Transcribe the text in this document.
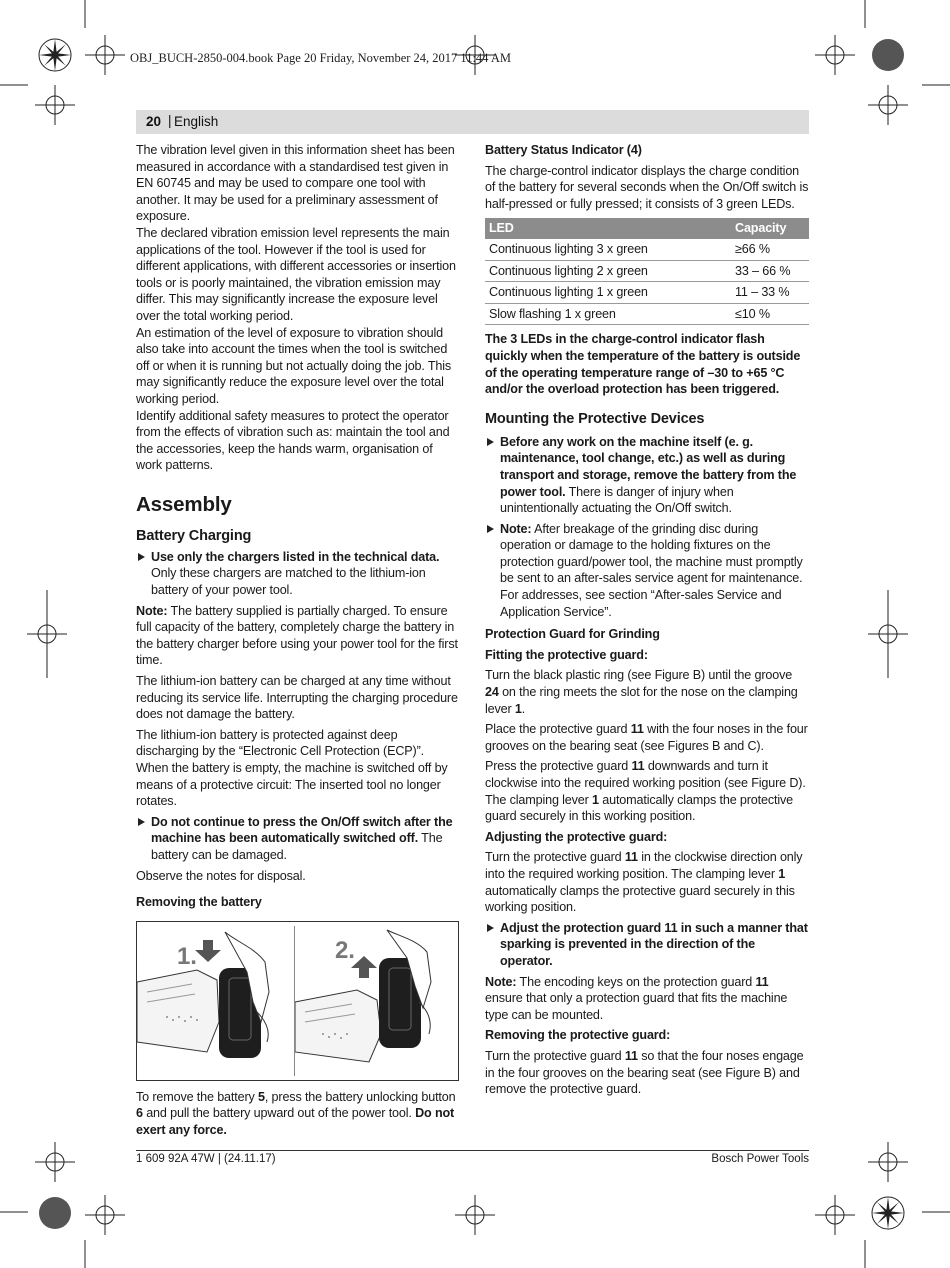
OBJ_BUCH-2850-004.book Page 20 Friday, November 24, 2017 11:44 AM
20 | English

The vibration level given in this information sheet has been measured in accordance with a standardised test given in EN 60745 and may be used to compare one tool with another. It may be used for a preliminary assessment of exposure.

The declared vibration emission level represents the main applications of the tool. However if the tool is used for different applications, with different accessories or insertion tools or is poorly maintained, the vibration emission may differ. This may significantly increase the exposure level over the total working period.

An estimation of the level of exposure to vibration should also take into account the times when the tool is switched off or when it is running but not actually doing the job. This may significantly reduce the exposure level over the total working period.

Identify additional safety measures to protect the operator from the effects of vibration such as: maintain the tool and the accessories, keep the hands warm, organisation of work patterns.

Assembly
Battery Charging
Use only the chargers listed in the technical data. Only these chargers are matched to the lithium-ion battery of your power tool.

Note: The battery supplied is partially charged. To ensure full capacity of the battery, completely charge the battery in the battery charger before using your power tool for the first time.

The lithium-ion battery can be charged at any time without reducing its service life. Interrupting the charging procedure does not damage the battery.

The lithium-ion battery is protected against deep discharging by the “Electronic Cell Protection (ECP)”. When the battery is empty, the machine is switched off by means of a protective circuit: The inserted tool no longer rotates.

Do not continue to press the On/Off switch after the machine has been automatically switched off. The battery can be damaged.

Observe the notes for disposal.

Removing the battery
1.	2.

To remove the battery 5, press the battery unlocking button 6 and pull the battery upward out of the power tool. Do not exert any force.

Battery Status Indicator (4)

The charge-control indicator displays the charge condition of the battery for several seconds when the On/Off switch is half-pressed or fully pressed; it consists of 3 green LEDs.

LED	Capacity
Continuous lighting 3 x green	≥66 %
Continuous lighting 2 x green	33 – 66 %
Continuous lighting 1 x green	11 – 33 %
Slow flashing 1 x green	≤10 %

The 3 LEDs in the charge-control indicator flash quickly when the temperature of the battery is outside of the operating temperature range of –30 to +65 °C and/or the overload protection has been triggered.

Mounting the Protective Devices
Before any work on the machine itself (e. g. maintenance, tool change, etc.) as well as during transport and storage, remove the battery from the power tool. There is danger of injury when unintentionally actuating the On/Off switch.
Note: After breakage of the grinding disc during operation or damage to the holding fixtures on the protection guard/power tool, the machine must promptly be sent to an after-sales service agent for maintenance. For addresses, see section “After-sales Service and Application Service”.
Protection Guard for Grinding
Fitting the protective guard:

Turn the black plastic ring (see Figure B) until the groove 24 on the ring meets the slot for the nose on the clamping lever 1.

Place the protective guard 11 with the four noses in the four grooves on the bearing seat (see Figures B and C).

Press the protective guard 11 downwards and turn it clockwise into the required working position (see Figure D). The clamping lever 1 automatically clamps the protective guard securely in this working position.

Adjusting the protective guard:

Turn the protective guard 11 in the clockwise direction only into the required working position. The clamping lever 1 automatically clamps the protective guard securely in this working position.

Adjust the protection guard 11 in such a manner that sparking is prevented in the direction of the operator.

Note: The encoding keys on the protection guard 11 ensure that only a protection guard that fits the machine type can be mounted.

Removing the protective guard:

Turn the protective guard 11 so that the four noses engage in the four grooves on the bearing seat (see Figure B) and remove the protective guard.

1 609 92A 47W | (24.11.17)	Bosch Power Tools
